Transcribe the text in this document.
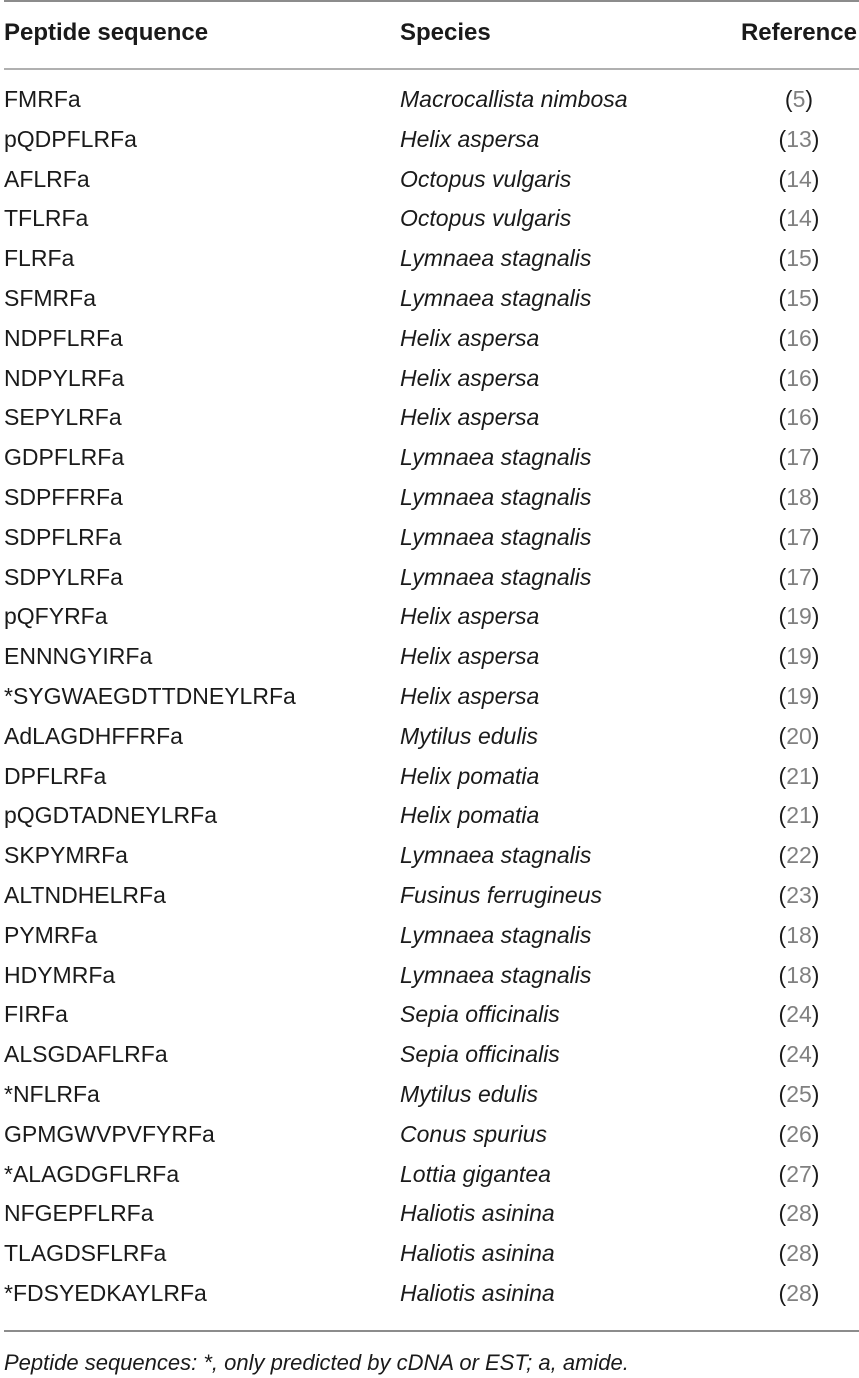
Peptide sequence	Species	Reference
FMRFa	Macrocallista nimbosa	(5)
pQDPFLRFa	Helix aspersa	(13)
AFLRFa	Octopus vulgaris	(14)
TFLRFa	Octopus vulgaris	(14)
FLRFa	Lymnaea stagnalis	(15)
SFMRFa	Lymnaea stagnalis	(15)
NDPFLRFa	Helix aspersa	(16)
NDPYLRFa	Helix aspersa	(16)
SEPYLRFa	Helix aspersa	(16)
GDPFLRFa	Lymnaea stagnalis	(17)
SDPFFRFa	Lymnaea stagnalis	(18)
SDPFLRFa	Lymnaea stagnalis	(17)
SDPYLRFa	Lymnaea stagnalis	(17)
pQFYRFa	Helix aspersa	(19)
ENNNGYIRFa	Helix aspersa	(19)
*SYGWAEGDTTDNEYLRFa	Helix aspersa	(19)
AdLAGDHFFRFa	Mytilus edulis	(20)
DPFLRFa	Helix pomatia	(21)
pQGDTADNEYLRFa	Helix pomatia	(21)
SKPYMRFa	Lymnaea stagnalis	(22)
ALTNDHELRFa	Fusinus ferrugineus	(23)
PYMRFa	Lymnaea stagnalis	(18)
HDYMRFa	Lymnaea stagnalis	(18)
FIRFa	Sepia officinalis	(24)
ALSGDAFLRFa	Sepia officinalis	(24)
*NFLRFa	Mytilus edulis	(25)
GPMGWVPVFYRFa	Conus spurius	(26)
*ALAGDGFLRFa	Lottia gigantea	(27)
NFGEPFLRFa	Haliotis asinina	(28)
TLAGDSFLRFa	Haliotis asinina	(28)
*FDSYEDKAYLRFa	Haliotis asinina	(28)
Peptide sequences: *, only predicted by cDNA or EST; a, amide.
